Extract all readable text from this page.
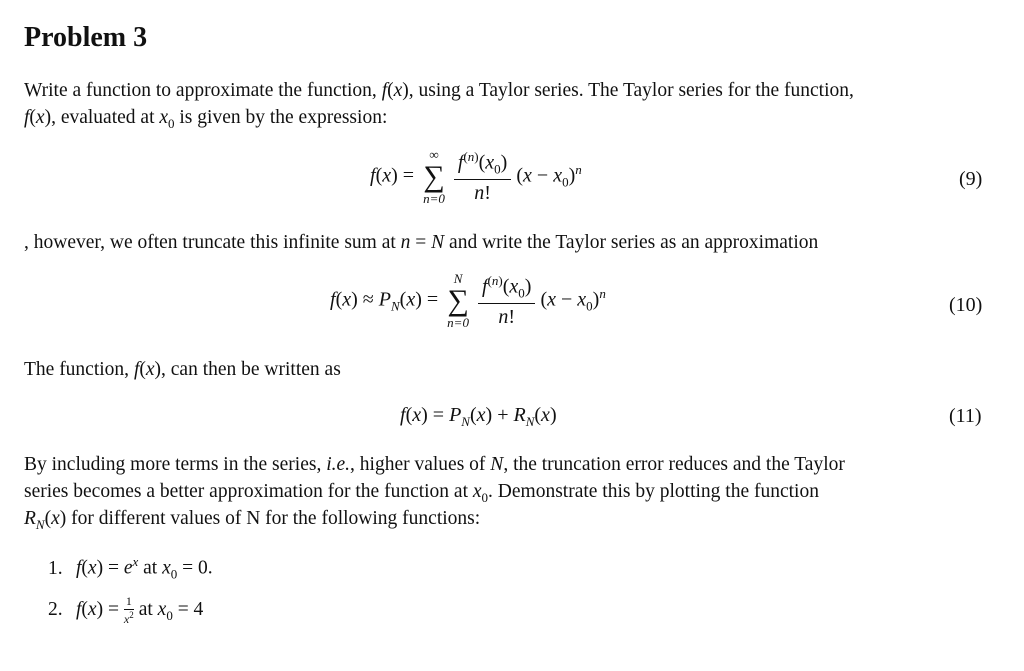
Problem 3
Write a function to approximate the function, f(x), using a Taylor series. The Taylor series for the function,
f(x), evaluated at $x_0$ is given by the expression:
f(x) =
∞
∑
n=0
$\frac{f^{(n)}(x_0)}{n!} (x - x_0)^n$	(9)
, however, we often truncate this infinite sum at n = N and write the Taylor series as an approximation
$f(x) \approx P_N(x)$ =
N
∑
n=0
$\frac{f^{(n)}(x_0)}{n!} (x - x_0)^n$
(10)
The function, f(x), can then be written as
$f(x) = P_N(x) + R_N(x)$	(11)
By including more terms in the series, i.e., higher values of N, the truncation error reduces and the Taylor
series becomes a better approximation for the function at $x_0$. Demonstrate this by plotting the function
$R_N(x)$ for different values of N for the following functions:
1. $f(x) = e^x$ at $x_0 = 0$.
2. $f(x) = \frac{1}{x^2}$ at $x_0 = 4$
